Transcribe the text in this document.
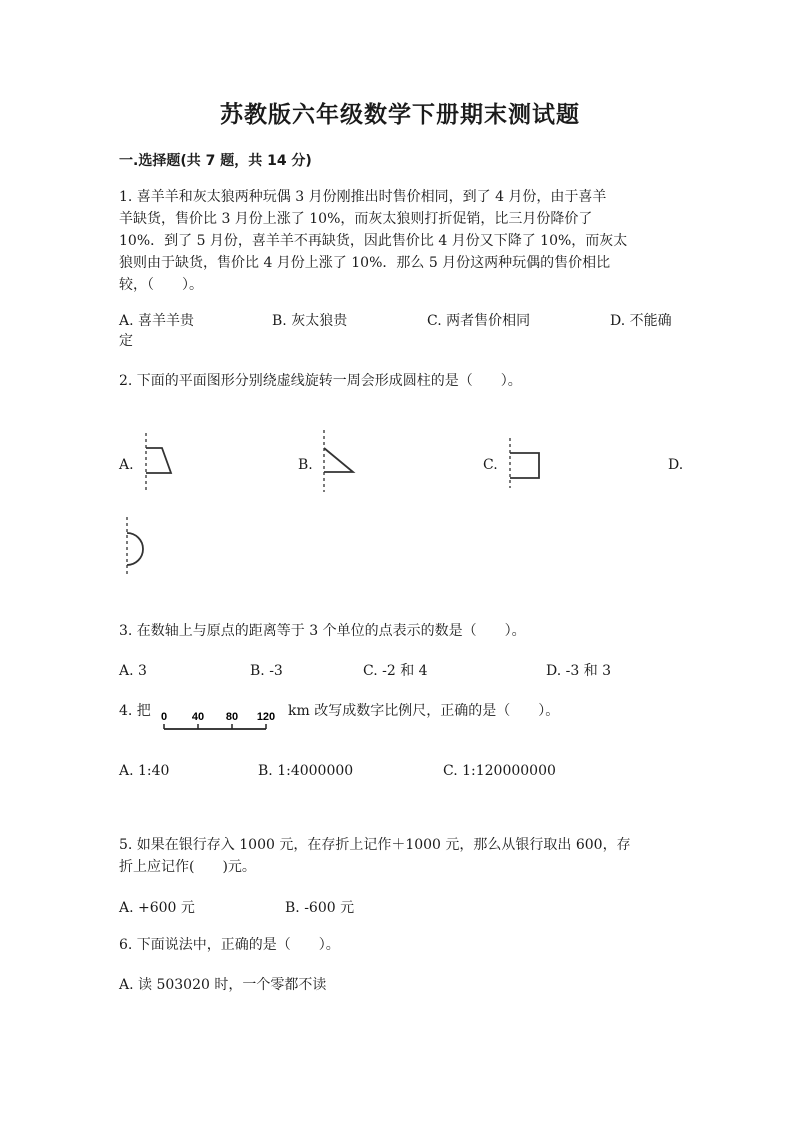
苏教版六年级数学下册期末测试题
一.选择题(共 7 题，共 14 分)
1. 喜羊羊和灰太狼两种玩偶 3 月份刚推出时售价相同，到了 4 月份，由于喜羊
羊缺货，售价比 3 月份上涨了 10%，而灰太狼则打折促销，比三月份降价了
10%．到了 5 月份，喜羊羊不再缺货，因此售价比 4 月份又下降了 10%，而灰太
狼则由于缺货，售价比 4 月份上涨了 10%．那么 5 月份这两种玩偶的售价相比
较，（　　）。
A. 喜羊羊贵	B. 灰太狼贵	C. 两者售价相同	D. 不能确
定
2. 下面的平面图形分别绕虚线旋转一周会形成圆柱的是（　　）。
A.	B.	C.	D.
3. 在数轴上与原点的距离等于 3 个单位的点表示的数是（　　）。
A. 3	B. -3	C. -2 和 4	D. -3 和 3
4. 把 0 40 80 120 km 改写成数字比例尺，正确的是（　　）。
A. 1:40	B. 1:4000000	C. 1:120000000
5. 如果在银行存入 1000 元，在存折上记作＋1000 元，那么从银行取出 600，存
折上应记作(　　)元。
A. +600 元	B. -600 元
6. 下面说法中，正确的是（　　）。
A. 读 503020 时，一个零都不读
